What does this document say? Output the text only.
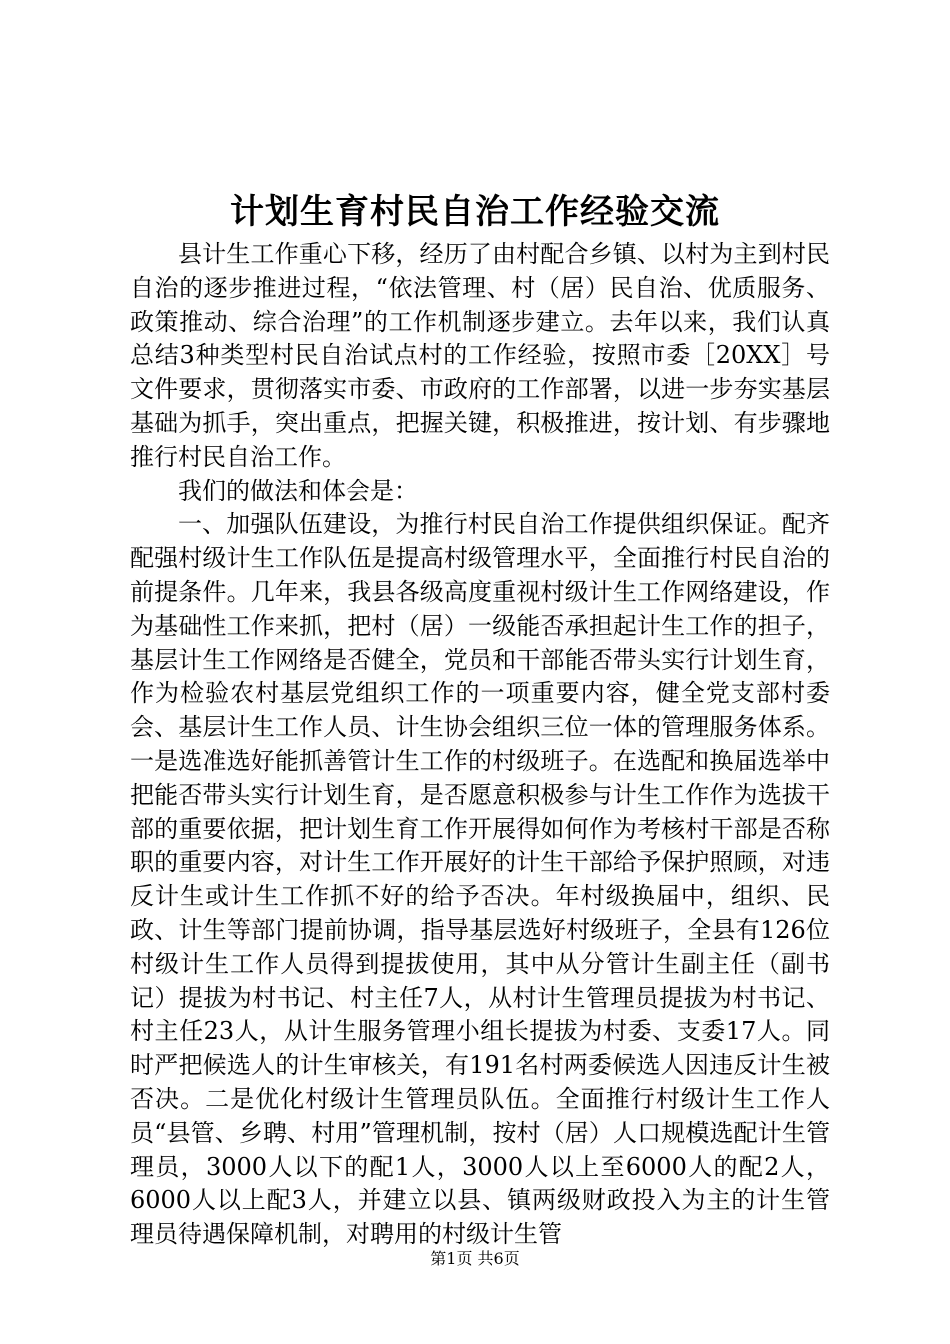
计划生育村民自治工作经验交流

县计生工作重心下移，经历了由村配合乡镇、以村为主到村民自治的逐步推进过程，“依法管理、村（居）民自治、优质服务、政策推动、综合治理”的工作机制逐步建立。去年以来，我们认真总结3种类型村民自治试点村的工作经验，按照市委［20XX］号文件要求，贯彻落实市委、市政府的工作部署，以进一步夯实基层基础为抓手，突出重点，把握关键，积极推进，按计划、有步骤地推行村民自治工作。

我们的做法和体会是：

一、加强队伍建设，为推行村民自治工作提供组织保证。配齐配强村级计生工作队伍是提高村级管理水平，全面推行村民自治的前提条件。几年来，我县各级高度重视村级计生工作网络建设，作为基础性工作来抓，把村（居）一级能否承担起计生工作的担子，基层计生工作网络是否健全，党员和干部能否带头实行计划生育，作为检验农村基层党组织工作的一项重要内容，健全党支部村委会、基层计生工作人员、计生协会组织三位一体的管理服务体系。一是选准选好能抓善管计生工作的村级班子。在选配和换届选举中把能否带头实行计划生育，是否愿意积极参与计生工作作为选拔干部的重要依据，把计划生育工作开展得如何作为考核村干部是否称职的重要内容，对计生工作开展好的计生干部给予保护照顾，对违反计生或计生工作抓不好的给予否决。年村级换届中，组织、民政、计生等部门提前协调，指导基层选好村级班子，全县有126位村级计生工作人员得到提拔使用，其中从分管计生副主任（副书记）提拔为村书记、村主任7人，从村计生管理员提拔为村书记、村主任23人，从计生服务管理小组长提拔为村委、支委17人。同时严把候选人的计生审核关，有191名村两委候选人因违反计生被否决。二是优化村级计生管理员队伍。全面推行村级计生工作人员“县管、乡聘、村用”管理机制，按村（居）人口规模选配计生管理员，3000人以下的配1人，3000人以上至6000人的配2人，6000人以上配3人，并建立以县、镇两级财政投入为主的计生管理员待遇保障机制，对聘用的村级计生管

第1页 共6页
